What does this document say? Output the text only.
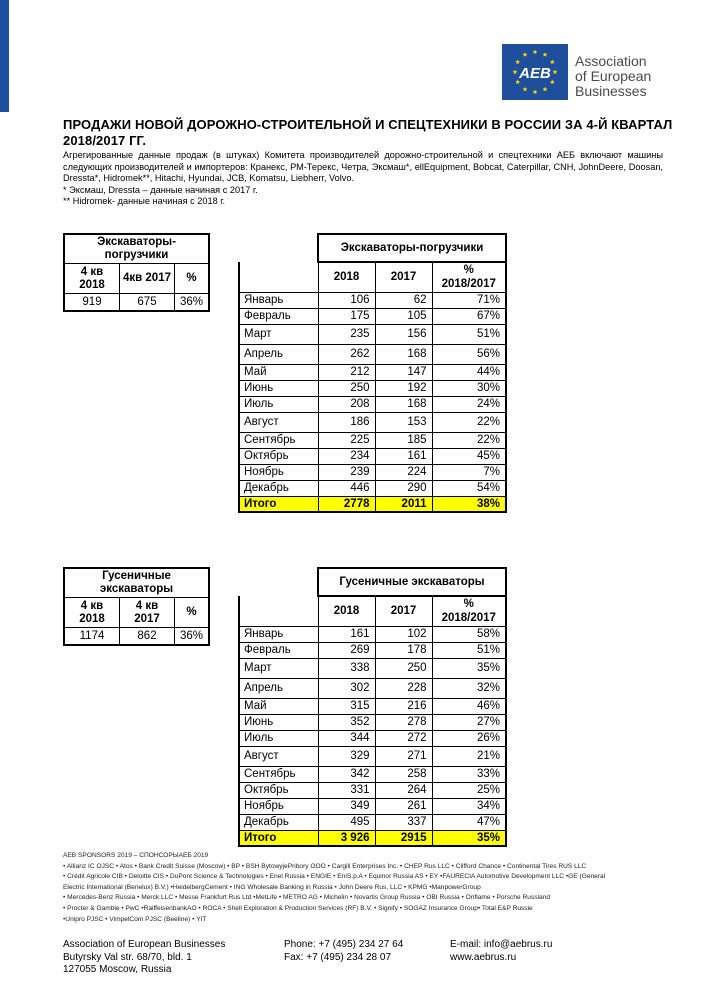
AEB
Association
of European
Businesses
ПРОДАЖИ НОВОЙ ДОРОЖНО-СТРОИТЕЛЬНОЙ И СПЕЦТЕХНИКИ В РОССИИ ЗА 4-Й КВАРТАЛ 2018/2017 ГГ.
Агрегированные данные продаж (в штуках) Комитета производителей дорожно-строительной и спецтехники АЕБ включают машины следующих производителей и импортеров: Кранекс, РМ-Терекс, Четра, Эксмаш*, ellEquipment, Bobcat, Caterpillar, CNH, JohnDeere, Doosan, Dressta*, Hidromek**, Hitachi, Hyundai, JCB, Komatsu, Liebherr, Volvo.
* Эксмаш, Dressta – данные начиная с 2017 г.
** Hidromek- данные начиная с 2018 г.
Экскаваторы-погрузчики		
4 кв 2018	4кв 2017	%
919	675	36%
	Экскаваторы-погрузчики		
	2018	2017	% 2018/2017
Январь	106	62	71%
Февраль	175	105	67%
Март	235	156	51%
Апрель	262	168	56%
Май	212	147	44%
Июнь	250	192	30%
Июль	208	168	24%
Август	186	153	22%
Сентябрь	225	185	22%
Октябрь	234	161	45%
Ноябрь	239	224	7%
Декабрь	446	290	54%
Итого	2778	2011	38%
Гусеничные экскаваторы		
4 кв 2018	4 кв 2017	%
1174	862	36%
	Гусеничные экскаваторы		
	2018	2017	% 2018/2017
Январь	161	102	58%
Февраль	269	178	51%
Март	338	250	35%
Апрель	302	228	32%
Май	315	216	46%
Июнь	352	278	27%
Июль	344	272	26%
Август	329	271	21%
Сентябрь	342	258	33%
Октябрь	331	264	25%
Ноябрь	349	261	34%
Декабрь	495	337	47%
Итого	3 926	2915	35%
AEB SPONSORS 2019 – СПОНСОРЫАЕБ 2019
• Allianz IC OJSC • Atos • Bank Credit Suisse (Moscow) • BP • BSH BytowyjePribory OOO • Cargill Enterprises Inc. • CHEP Rus LLC • Clifford Chance • Continental Tires RUS LLC
• Crédit Agricole CIB • Deloitte CIS • DuPont Science & Technologies • Enel Russia • ENGIE • EniS.p.A • Equinor Russia AS • EY •FAURECIA Automotive Development LLC •GE (General
Electric International (Benelux) B.V.) •HeidelbergCement • ING Wholesale Banking in Russia • John Deere Rus, LLC • KPMG •ManpowerGroup
• Mercedes-Benz Russia • Merck LLC • Messe Frankfurt Rus Ltd •MetLife • METRO AG • Michelin • Novartis Group Russia • OBI Russia • Oriflame • Porsche Russland
• Procter & Gamble • PwC •RaiffeisenbankAO • ROCA • Shell Exploration & Production Services (RF) B.V. • Signify • SOGAZ Insurance Group• Total E&P Russie
•Unipro PJSC • VimpelCom PJSC (Beeline) • YIT
Association of European Businesses
Butyrsky Val str. 68/70, bld. 1
127055 Moscow, Russia
Phone: +7 (495) 234 27 64
Fax: +7 (495) 234 28 07
E-mail: info@aebrus.ru
www.aebrus.ru
